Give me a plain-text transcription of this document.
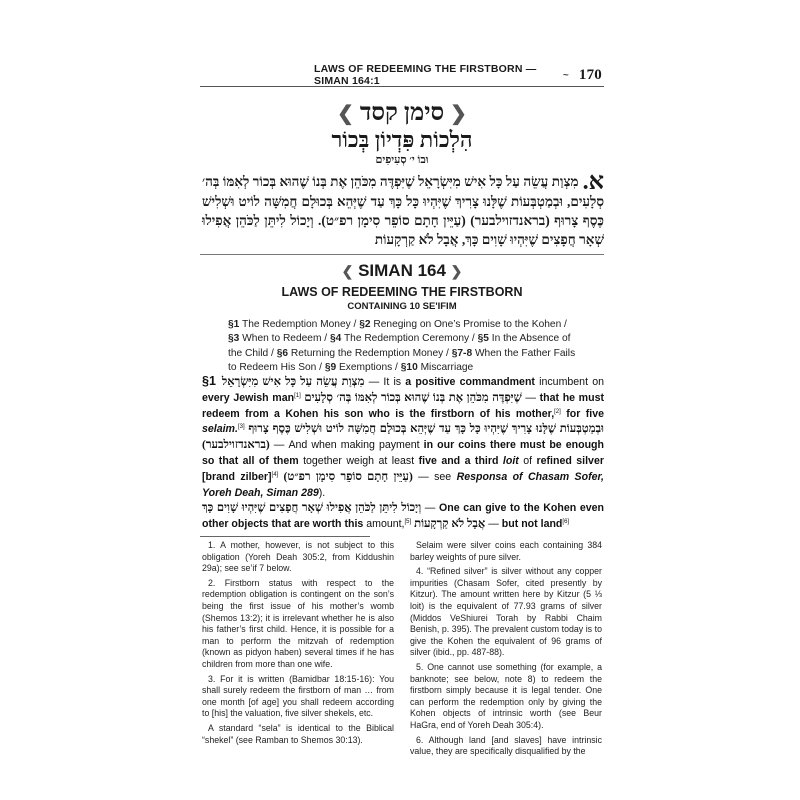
LAWS OF REDEEMING THE FIRSTBORN — SIMAN 164:1	~ 170
❮ סימן קסד ❯
הִלְכוֹת פִּדְיוֹן בְּכוֹר
וּבוֹ י׳ סְעִיפִים
א.מִצְוַת עֲשֵׂה עַל כָּל אִישׁ מִיִּשְׂרָאֵל שֶׁיִּפְדֶּה מִכֹּהֵן אֶת בְּנוֹ שֶׁהוּא בְּכוֹר לְאִמּוֹ בְּה׳ סְלָעִים, וּבְמַטְבְּעוֹת שֶׁלָּנוּ צָרִיךְ שֶׁיִּהְיוּ כָּל כָּךְ עַד שֶׁיְּהֵא בְּכוּלָם חֲמִשָּׁה לוֹיט וּשְׁלִישׁ כֶּסֶף צָרוּף (בראנדזוילבער) (עַיֵּין חָתָם סוֹפֵר סִימָן רפ״ט). וְיָכוֹל לִיתֵּן לַכֹּהֵן אֲפִילוּ שְׁאָר חֲפָצִים שֶׁיִּהְיוּ שָׁוִים כָּךְ, אֲבָל לֹא קַרְקָעוֹת
❮ SIMAN 164 ❯
LAWS OF REDEEMING THE FIRSTBORN
CONTAINING 10 SE'IFIM
§1 The Redemption Money / §2 Reneging on One’s Promise to the Kohen / §3 When to Redeem / §4 The Redemption Ceremony / §5 In the Absence of the Child / §6 Returning the Redemption Money / §7-8 When the Father Fails to Redeem His Son / §9 Exemptions / §10 Miscarriage
§1 מִצְוַת עֲשֵׂה עַל כָּל אִישׁ מִיִּשְׂרָאֵל — It is a positive commandment incumbent on every Jewish man[1] שֶׁיִּפְדֶּה מִכֹּהֵן אֶת בְּנוֹ שֶׁהוּא בְּכוֹר לְאִמּוֹ בְּה׳ סְלָעִים — that he must redeem from a Kohen his son who is the firstborn of his mother,[2] for five selaim.[3] וּבְמַטְבְּעוֹת שֶׁלָּנוּ צָרִיךְ שֶׁיִּהְיוּ כָּל כָּךְ עַד שֶׁיְּהֵא בְּכוּלָם חֲמִשָּׁה לוֹיט וּשְׁלִישׁ כֶּסֶף צָרוּף (בראנדזוילבער) — And when making payment in our coins there must be enough so that all of them together weigh at least five and a third loit of refined silver [brand zilber][4] (עַיֵּין חָתָם סוֹפֵר סִימָן רפ״ט) — see Responsa of Chasam Sofer, Yoreh Deah, Siman 289).
וְיָכוֹל לִיתֵּן לַכֹּהֵן אֲפִילוּ שְׁאָר חֲפָצִים שֶׁיִּהְיוּ שָׁוִים כָּךְ — One can give to the Kohen even other objects that are worth this amount,[5] אֲבָל לֹא קַרְקָעוֹת — but not land[6]

1. A mother, however, is not subject to this obligation (Yoreh Deah 305:2, from Kiddushin 29a); see se’if 7 below.

2. Firstborn status with respect to the redemption obligation is contingent on the son’s being the first issue of his mother’s womb (Shemos 13:2); it is irrelevant whether he is also his father’s first child. Hence, it is possible for a man to perform the mitzvah of redemption (known as pidyon haben) several times if he has children from more than one wife.

3. For it is written (Bamidbar 18:15-16): You shall surely redeem the firstborn of man … from one month [of age] you shall redeem according to [his] the valuation, five silver shekels, etc.

A standard “sela” is identical to the Biblical “shekel” (see Ramban to Shemos 30:13).

Selaim were silver coins each containing 384 barley weights of pure silver.

4. “Refined silver” is silver without any copper impurities (Chasam Sofer, cited presently by Kitzur). The amount written here by Kitzur (5 ⅓ loit) is the equivalent of 77.93 grams of silver (Middos VeShiurei Torah by Rabbi Chaim Benish, p. 395). The prevalent custom today is to give the Kohen the equivalent of 96 grams of silver (ibid., pp. 487-88).

5. One cannot use something (for example, a banknote; see below, note 8) to redeem the firstborn simply because it is legal tender. One can perform the redemption only by giving the Kohen objects of intrinsic worth (see Beur HaGra, end of Yoreh Deah 305:4).

6. Although land [and slaves] have intrinsic value, they are specifically disqualified by the
